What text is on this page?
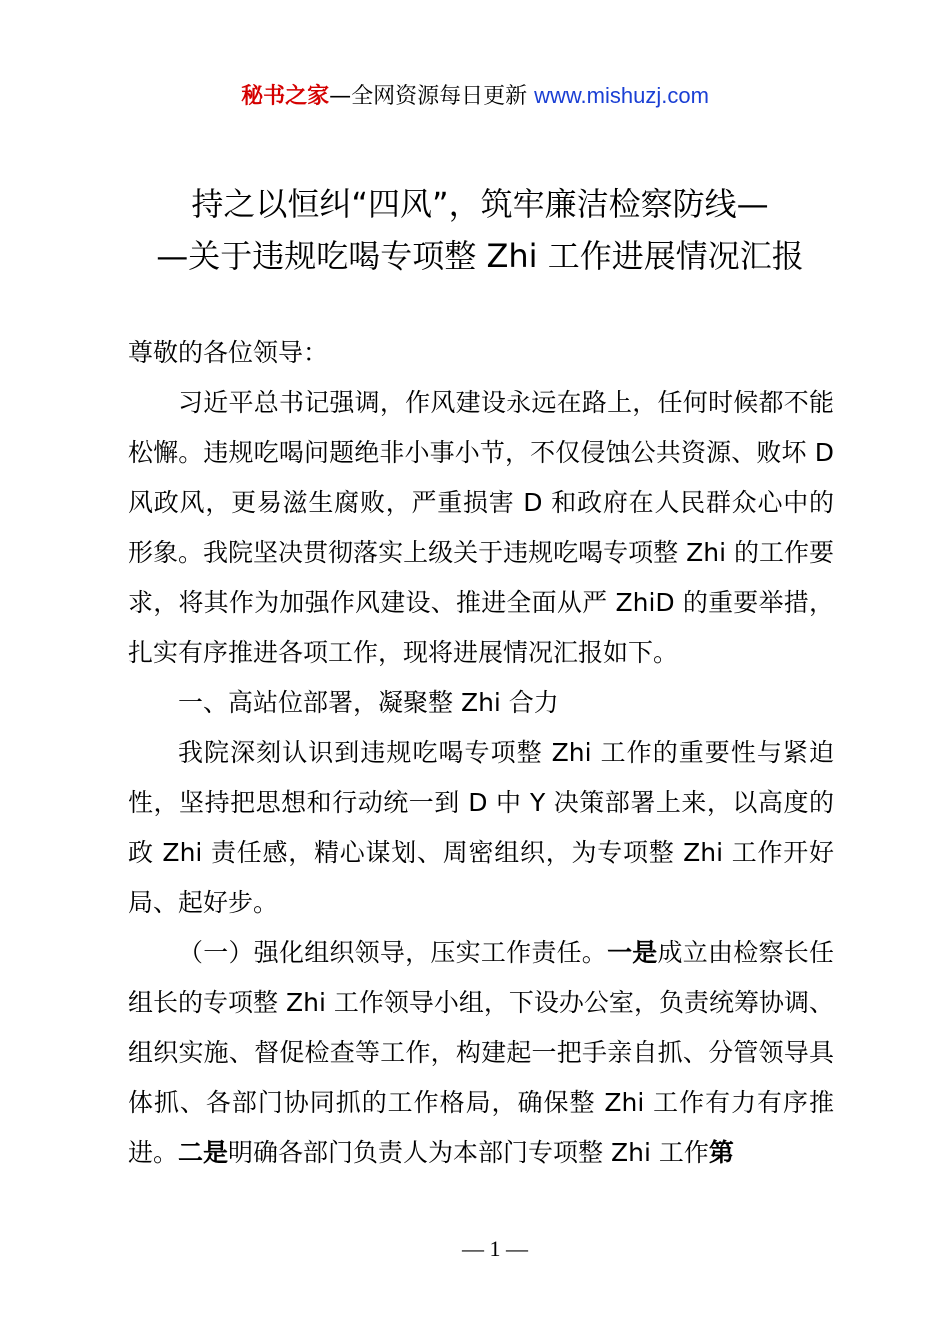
秘书之家—全网资源每日更新 www.mishuzj.com
持之以恒纠“四风”，筑牢廉洁检察防线—
—关于违规吃喝专项整 Zhi 工作进展情况汇报

尊敬的各位领导：

习近平总书记强调，作风建设永远在路上，任何时候都不能松懈。违规吃喝问题绝非小事小节，不仅侵蚀公共资源、败坏 D 风政风，更易滋生腐败，严重损害 D 和政府在人民群众心中的形象。我院坚决贯彻落实上级关于违规吃喝专项整 Zhi 的工作要求，将其作为加强作风建设、推进全面从严 ZhiD 的重要举措，扎实有序推进各项工作，现将进展情况汇报如下。

一、高站位部署，凝聚整 Zhi 合力

我院深刻认识到违规吃喝专项整 Zhi 工作的重要性与紧迫性，坚持把思想和行动统一到 D 中 Y 决策部署上来，以高度的政 Zhi 责任感，精心谋划、周密组织，为专项整 Zhi 工作开好局、起好步。

（一）强化组织领导，压实工作责任。一是成立由检察长任组长的专项整 Zhi 工作领导小组，下设办公室，负责统筹协调、组织实施、督促检查等工作，构建起一把手亲自抓、分管领导具体抓、各部门协同抓的工作格局，确保整 Zhi 工作有力有序推进。二是明确各部门负责人为本部门专项整 Zhi 工作第

— 1 —
